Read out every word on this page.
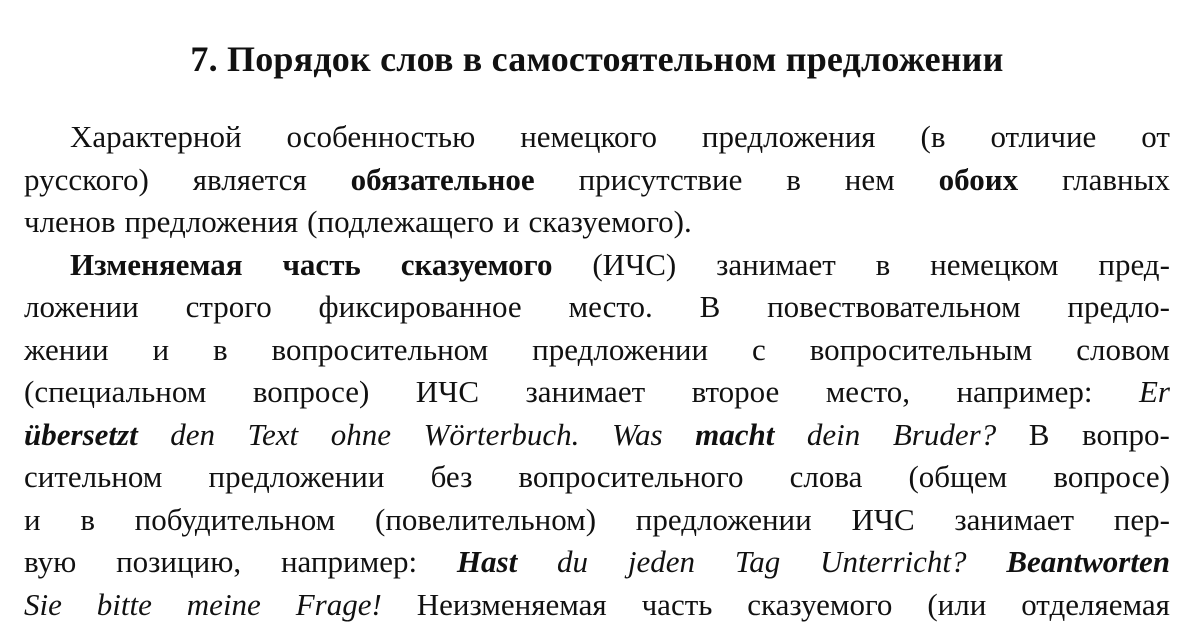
7. Порядок слов в самостоятельном предложении
Характерной особенностью немецкого предложения (в отличие от
русского) является обязательное присутствие в нем обоих главных
членов предложения (подлежащего и сказуемого).
Изменяемая часть сказуемого (ИЧС) занимает в немецком пред-
ложении строго фиксированное место. В повествовательном предло-
жении и в вопросительном предложении с вопросительным словом
(специальном вопросе) ИЧС занимает второе место, например: Er
übersetzt den Text ohne Wörterbuch. Was macht dein Bruder? В вопро-
сительном предложении без вопросительного слова (общем вопросе)
и в побудительном (повелительном) предложении ИЧС занимает пер-
вую позицию, например: Hast du jeden Tag Unterricht? Beantworten
Sie bitte meine Frage! Неизменяемая часть сказуемого (или отделяемая
